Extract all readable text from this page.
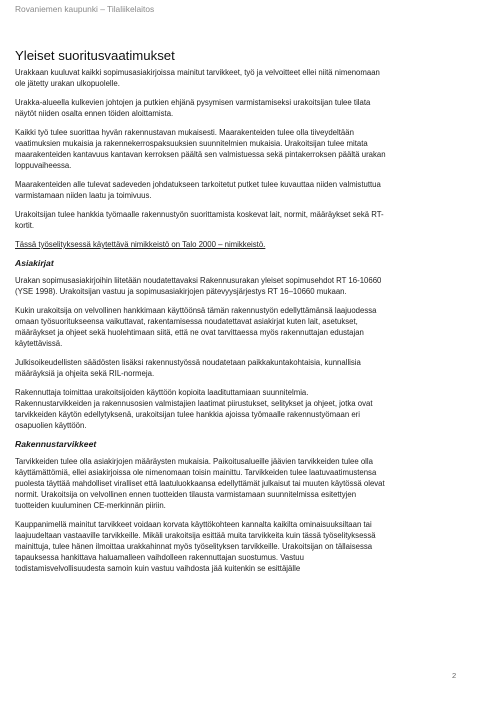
Rovaniemen kaupunki – Tilaliikelaitos
Yleiset suoritusvaatimukset
Urakkaan kuuluvat kaikki sopimusasiakirjoissa mainitut tarvikkeet, työ ja velvoitteet ellei niitä nimenomaan
ole jätetty urakan ulkopuolelle.
Urakka-alueella kulkevien johtojen ja putkien ehjänä pysymisen varmistamiseksi urakoitsijan tulee tilata
näytöt niiden osalta ennen töiden aloittamista.
Kaikki työ tulee suorittaa hyvän rakennustavan mukaisesti. Maarakenteiden tulee olla tiiveydeltään
vaatimuksien mukaisia ja rakennekerrospaksuuksien suunnitelmien mukaisia. Urakoitsijan tulee mitata
maarakenteiden kantavuus kantavan kerroksen päältä sen valmistuessa sekä pintakerroksen päältä urakan
loppuvaiheessa.
Maarakenteiden alle tulevat sadeveden johdatukseen tarkoitetut putket tulee kuvauttaa niiden valmistuttua
varmistamaan niiden laatu ja toimivuus.
Urakoitsijan tulee hankkia työmaalle rakennustyön suorittamista koskevat lait, normit, määräykset sekä RT-
kortit.
Tässä työselityksessä käytettävä nimikkeistö on Talo 2000 – nimikkeistö.
Asiakirjat
Urakan sopimusasiakirjoihin liitetään noudatettavaksi Rakennusurakan yleiset sopimusehdot RT 16-10660
(YSE 1998). Urakoitsijan vastuu ja sopimusasiakirjojen pätevyysjärjestys RT 16–10660 mukaan.
Kukin urakoitsija on velvollinen hankkimaan käyttöönsä tämän rakennustyön edellyttämänsä laajuodessa
omaan työsuoritukseensa vaikuttavat, rakentamisessa noudatettavat asiakirjat kuten lait, asetukset,
määräykset ja ohjeet sekä huolehtimaan siitä, että ne ovat tarvittaessa myös rakennuttajan edustajan
käytettävissä.
Julkisoikeudellisten säädösten lisäksi rakennustyössä noudatetaan paikkakuntakohtaisia, kunnallisia
määräyksiä ja ohjeita sekä RIL-normeja.
Rakennuttaja toimittaa urakoitsijoiden käyttöön kopioita laadituttamiaan suunnitelmia.
Rakennustarvikkeiden ja rakennusosien valmistajien laatimat piirustukset, selitykset ja ohjeet, jotka ovat
tarvikkeiden käytön edellytyksenä, urakoitsijan tulee hankkia ajoissa työmaalle rakennustyömaan eri
osapuolien käyttöön.
Rakennustarvikkeet
Tarvikkeiden tulee olla asiakirjojen määräysten mukaisia. Paikoitusalueille jäävien tarvikkeiden tulee olla
käyttämättömiä, ellei asiakirjoissa ole nimenomaan toisin mainittu. Tarvikkeiden tulee laatuvaatimustensa
puolesta täyttää mahdolliset viralliset että laatuluokkaansa edellyttämät julkaisut tai muuten käytössä olevat
normit. Urakoitsija on velvollinen ennen tuotteiden tilausta varmistamaan suunnitelmissa esitettyjen
tuotteiden kuuluminen CE-merkinnän piiriin.
Kauppanimellä mainitut tarvikkeet voidaan korvata käyttökohteen kannalta kaikilta ominaisuuksiltaan tai
laajuudeltaan vastaaville tarvikkeille. Mikäli urakoitsija esittää muita tarvikkeita kuin tässä työselityksessä
mainittuja, tulee hänen ilmoittaa urakkahinnat myös työselityksen tarvikkeille. Urakoitsijan on tällaisessa
tapauksessa hankittava haluamalleen vaihdolleen rakennuttajan suostumus. Vastuu
todistamisvelvollisuudesta samoin kuin vastuu vaihdosta jää kuitenkin se esittäjälle
2
